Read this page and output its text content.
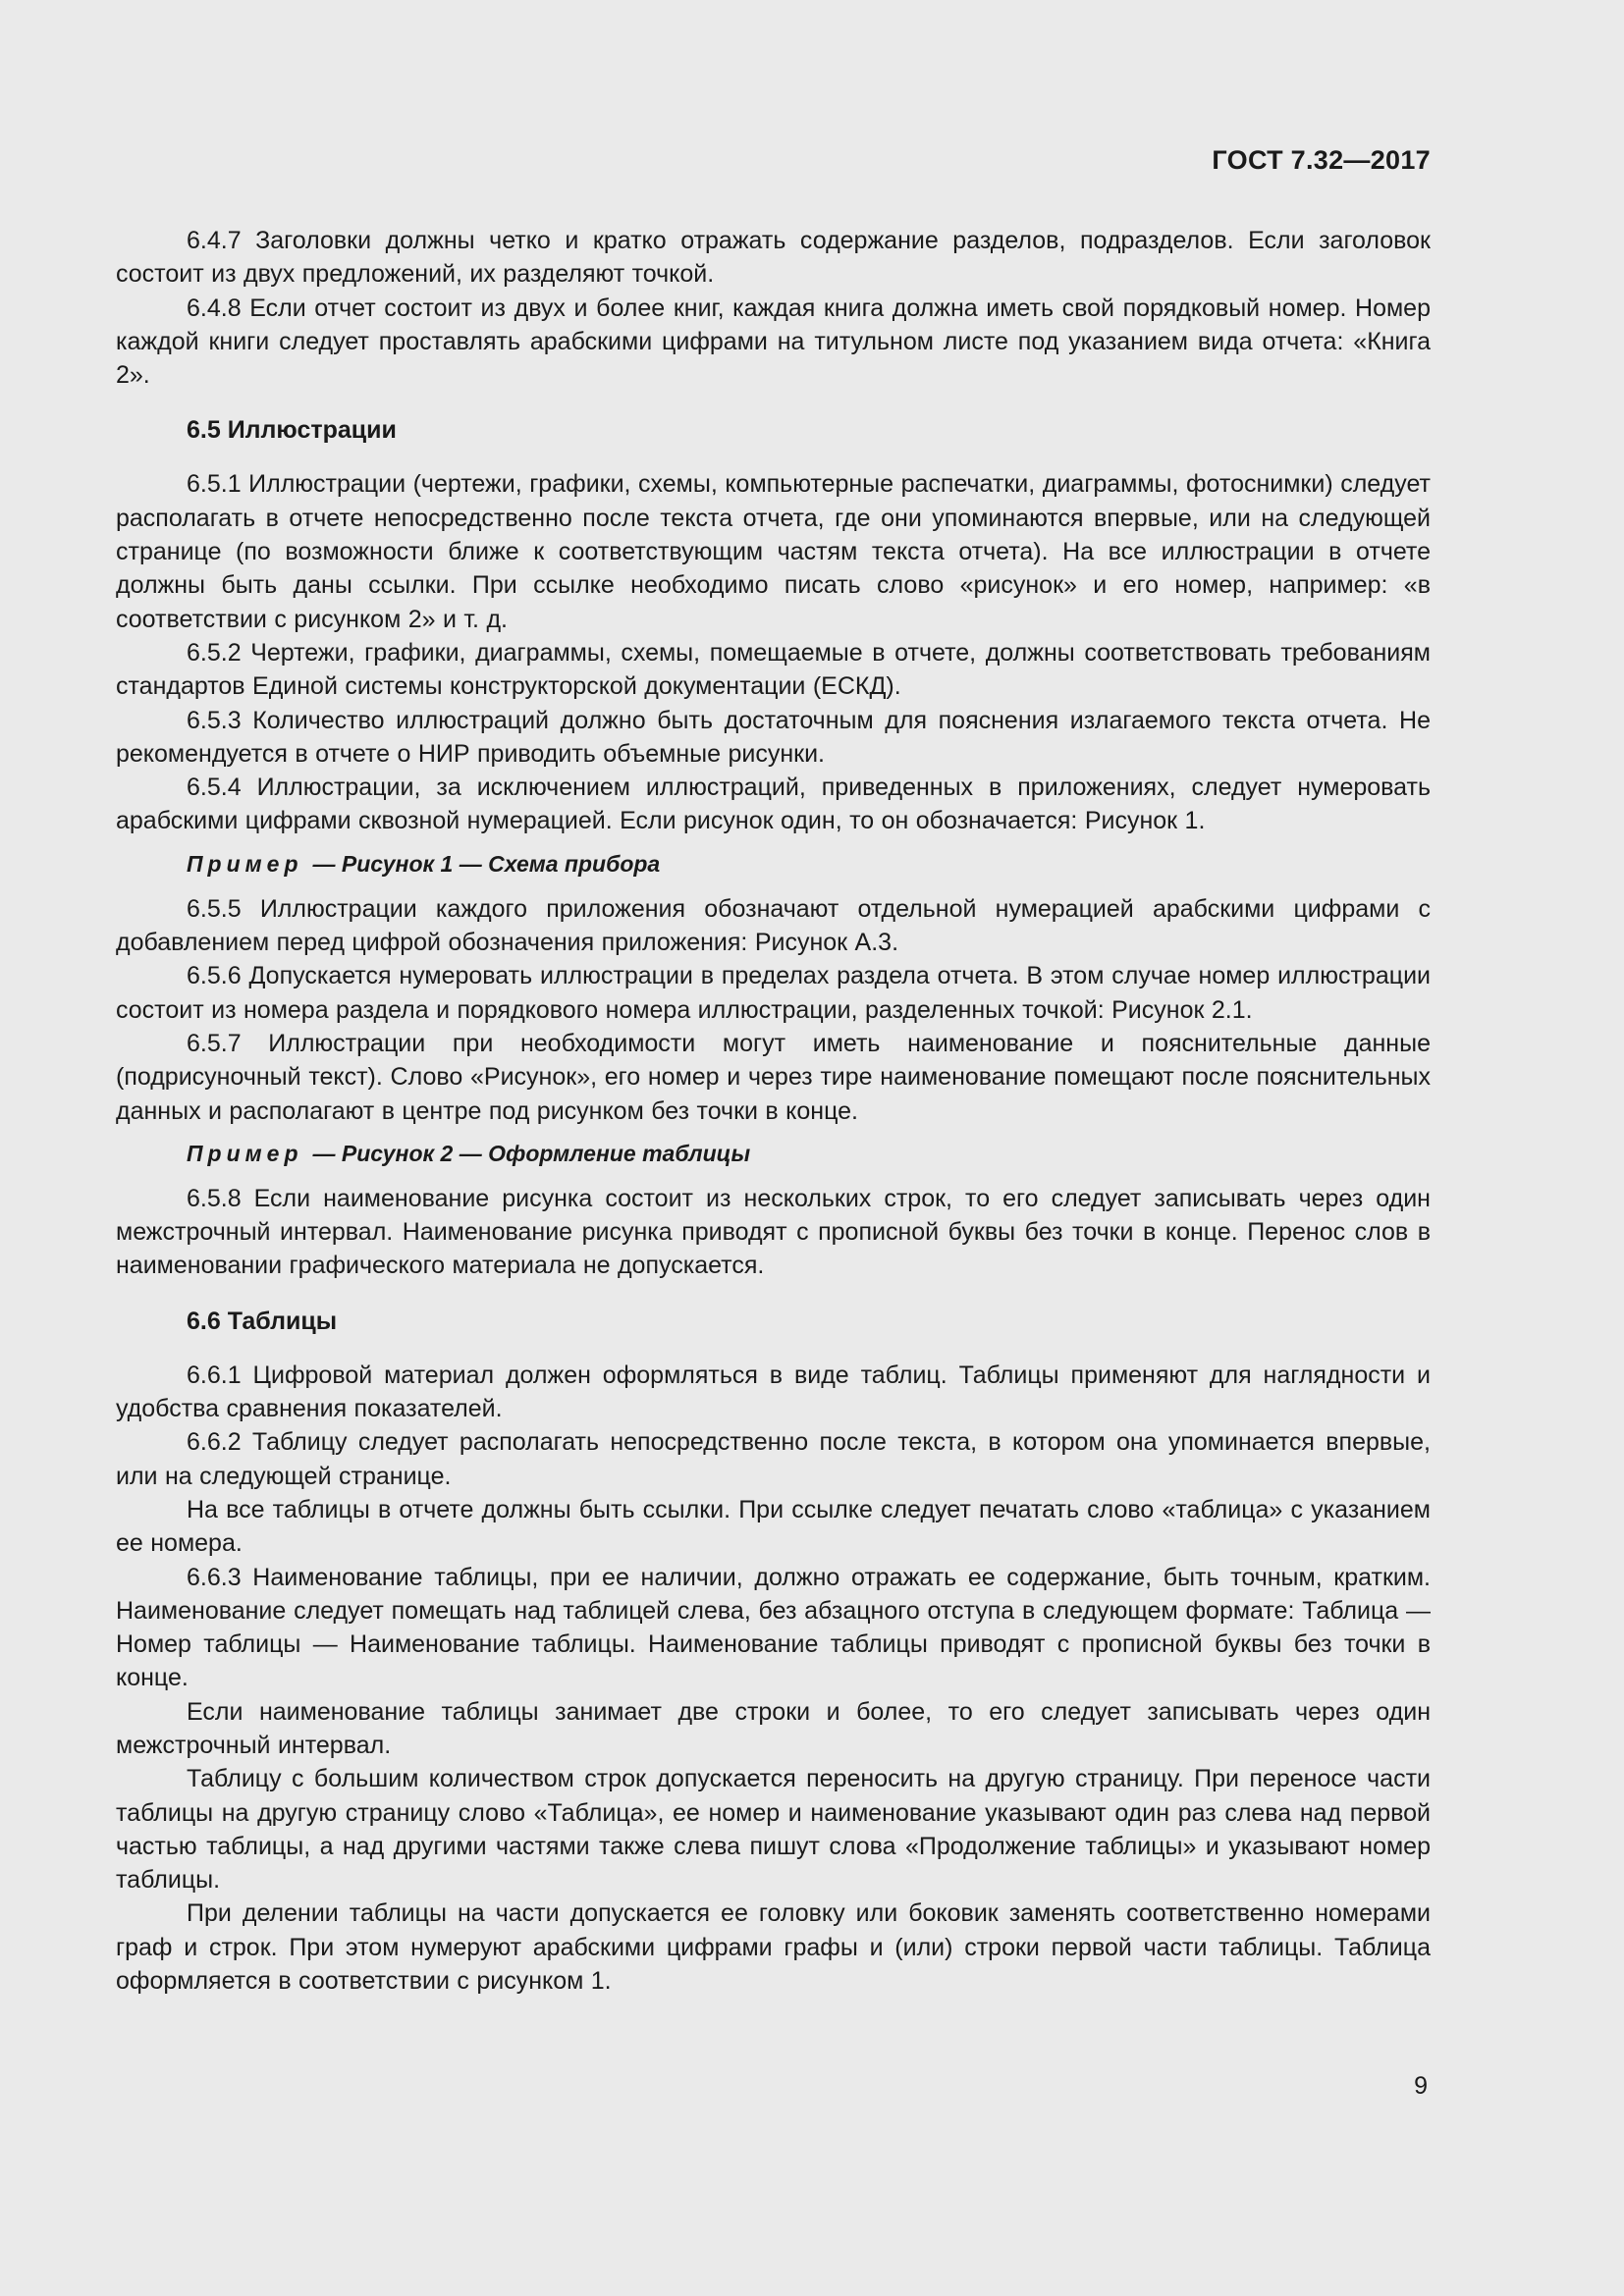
ГОСТ 7.32—2017

6.4.7 Заголовки должны четко и кратко отражать содержание разделов, подразделов. Если заголовок состоит из двух предложений, их разделяют точкой.

6.4.8 Если отчет состоит из двух и более книг, каждая книга должна иметь свой порядковый номер. Номер каждой книги следует проставлять арабскими цифрами на титульном листе под указанием вида отчета: «Книга 2».

6.5 Иллюстрации

6.5.1 Иллюстрации (чертежи, графики, схемы, компьютерные распечатки, диаграммы, фотоснимки) следует располагать в отчете непосредственно после текста отчета, где они упоминаются впервые, или на следующей странице (по возможности ближе к соответствующим частям текста отчета). На все иллюстрации в отчете должны быть даны ссылки. При ссылке необходимо писать слово «рисунок» и его номер, например: «в соответствии с рисунком 2» и т. д.

6.5.2 Чертежи, графики, диаграммы, схемы, помещаемые в отчете, должны соответствовать требованиям стандартов Единой системы конструкторской документации (ЕСКД).

6.5.3 Количество иллюстраций должно быть достаточным для пояснения излагаемого текста отчета. Не рекомендуется в отчете о НИР приводить объемные рисунки.

6.5.4 Иллюстрации, за исключением иллюстраций, приведенных в приложениях, следует нумеровать арабскими цифрами сквозной нумерацией. Если рисунок один, то он обозначается: Рисунок 1.

Пример — Рисунок 1 — Схема прибора

6.5.5 Иллюстрации каждого приложения обозначают отдельной нумерацией арабскими цифрами с добавлением перед цифрой обозначения приложения: Рисунок А.3.

6.5.6 Допускается нумеровать иллюстрации в пределах раздела отчета. В этом случае номер иллюстрации состоит из номера раздела и порядкового номера иллюстрации, разделенных точкой: Рисунок 2.1.

6.5.7 Иллюстрации при необходимости могут иметь наименование и пояснительные данные (подрисуночный текст). Слово «Рисунок», его номер и через тире наименование помещают после пояснительных данных и располагают в центре под рисунком без точки в конце.

Пример — Рисунок 2 — Оформление таблицы

6.5.8 Если наименование рисунка состоит из нескольких строк, то его следует записывать через один межстрочный интервал. Наименование рисунка приводят с прописной буквы без точки в конце. Перенос слов в наименовании графического материала не допускается.

6.6 Таблицы

6.6.1 Цифровой материал должен оформляться в виде таблиц. Таблицы применяют для наглядности и удобства сравнения показателей.

6.6.2 Таблицу следует располагать непосредственно после текста, в котором она упоминается впервые, или на следующей странице.

На все таблицы в отчете должны быть ссылки. При ссылке следует печатать слово «таблица» с указанием ее номера.

6.6.3 Наименование таблицы, при ее наличии, должно отражать ее содержание, быть точным, кратким. Наименование следует помещать над таблицей слева, без абзацного отступа в следующем формате: Таблица — Номер таблицы — Наименование таблицы. Наименование таблицы приводят с прописной буквы без точки в конце.

Если наименование таблицы занимает две строки и более, то его следует записывать через один межстрочный интервал.

Таблицу с большим количеством строк допускается переносить на другую страницу. При переносе части таблицы на другую страницу слово «Таблица», ее номер и наименование указывают один раз слева над первой частью таблицы, а над другими частями также слева пишут слова «Продолжение таблицы» и указывают номер таблицы.

При делении таблицы на части допускается ее головку или боковик заменять соответственно номерами граф и строк. При этом нумеруют арабскими цифрами графы и (или) строки первой части таблицы. Таблица оформляется в соответствии с рисунком 1.

9
